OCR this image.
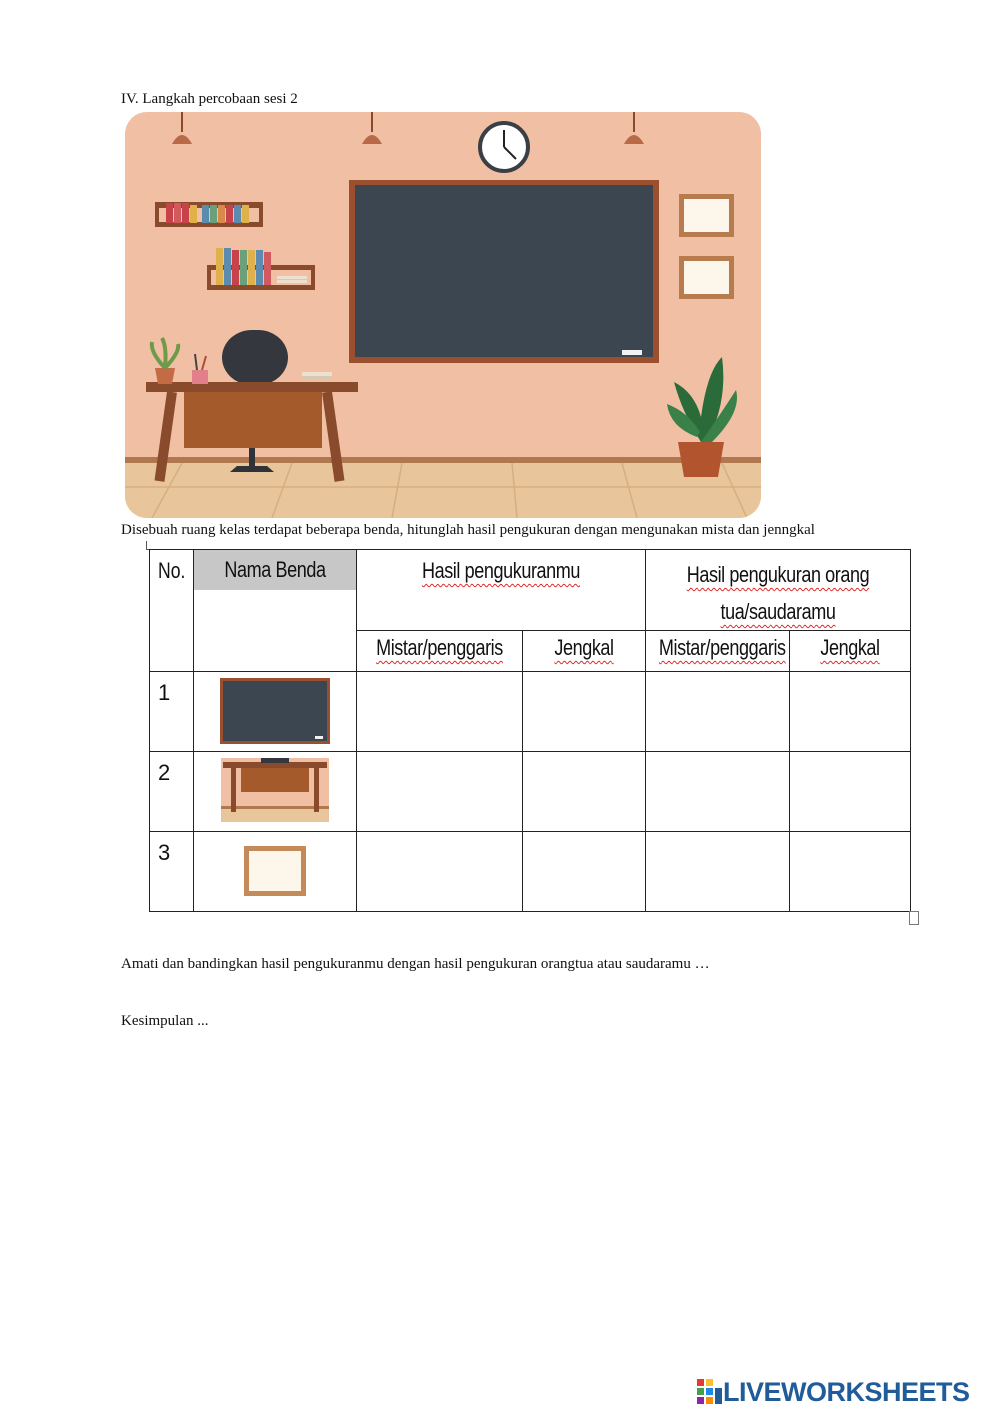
IV. Langkah percobaan sesi 2
Disebuah ruang kelas terdapat beberapa benda, hitunglah hasil pengukuran dengan mengunakan mista dan jenngkal
No.	Nama Benda	Hasil pengukuranmu		Hasil pengukuran orang
tua/saudaramu	

		Mistar/penggaris	Jengkal	Mistar/penggaris	Jengkal

1	

2	

3	

Amati dan bandingkan hasil pengukuranmu dengan hasil pengukuran orangtua atau saudaramu …
Kesimpulan ...
LIVEWORKSHEETS
